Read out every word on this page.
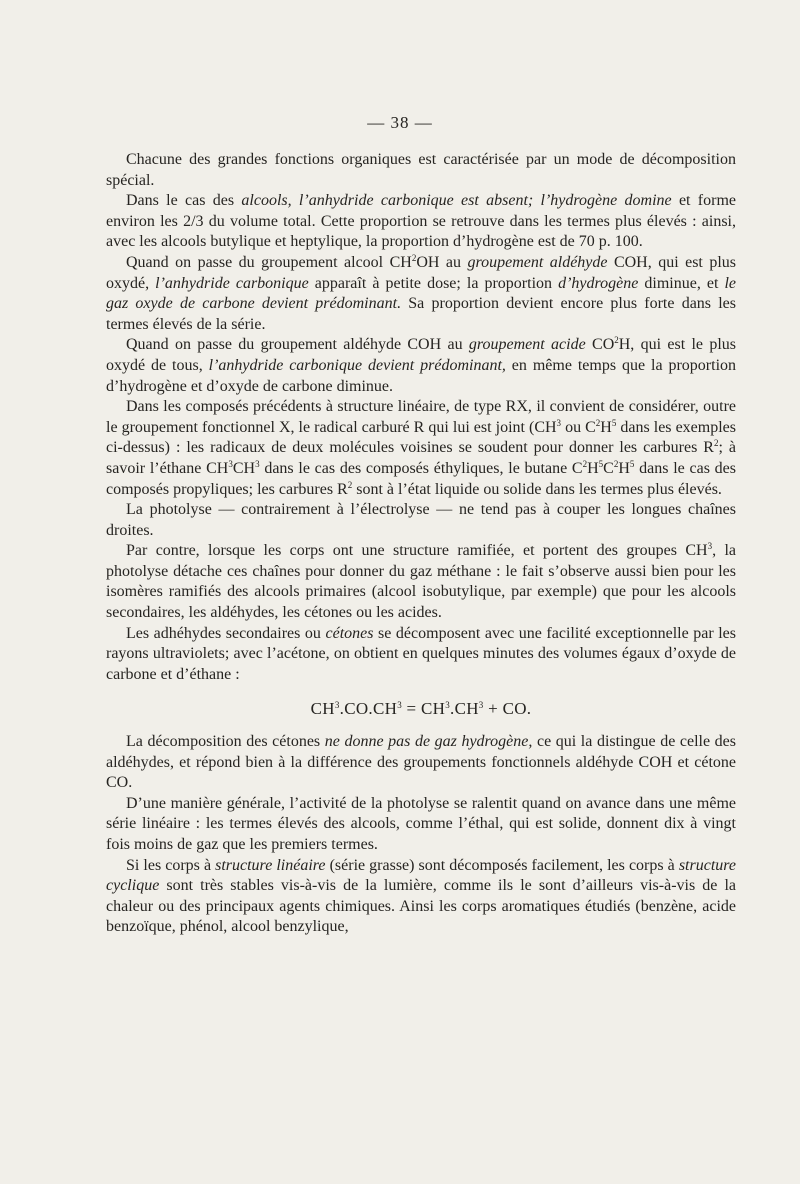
— 38 —

Chacune des grandes fonctions organiques est caractérisée par un mode de décomposition spécial.

Dans le cas des alcools, l’anhydride carbonique est absent; l’hydrogène domine et forme environ les 2/3 du volume total. Cette proportion se retrouve dans les termes plus élevés : ainsi, avec les alcools butylique et heptylique, la proportion d’hydrogène est de 70 p. 100.

Quand on passe du groupement alcool $CH^2OH$ au groupement aldéhyde COH, qui est plus oxydé, l’anhydride carbonique apparaît à petite dose; la proportion d’hydrogène diminue, et le gaz oxyde de carbone devient prédominant. Sa proportion devient encore plus forte dans les termes élevés de la série.

Quand on passe du groupement aldéhyde COH au groupement acide $CO^2H$, qui est le plus oxydé de tous, l’anhydride carbonique devient prédominant, en même temps que la proportion d’hydrogène et d’oxyde de carbone diminue.

Dans les composés précédents à structure linéaire, de type RX, il convient de considérer, outre le groupement fonctionnel X, le radical carburé R qui lui est joint ($CH^3$ ou $C^2H^5$ dans les exemples ci-dessus) : les radicaux de deux molécules voisines se soudent pour donner les carbures $R^2$; à savoir l’éthane $CH^3CH^3$ dans le cas des composés éthyliques, le butane $C^2H^5C^2H^5$ dans le cas des composés propyliques; les carbures $R^2$ sont à l’état liquide ou solide dans les termes plus élevés.

La photolyse — contrairement à l’électrolyse — ne tend pas à couper les longues chaînes droites.

Par contre, lorsque les corps ont une structure ramifiée, et portent des groupes $CH^3$, la photolyse détache ces chaînes pour donner du gaz méthane : le fait s’observe aussi bien pour les isomères ramifiés des alcools primaires (alcool isobutylique, par exemple) que pour les alcools secondaires, les aldéhydes, les cétones ou les acides.

Les adhéhydes secondaires ou cétones se décomposent avec une facilité exceptionnelle par les rayons ultraviolets; avec l’acétone, on obtient en quelques minutes des volumes égaux d’oxyde de carbone et d’éthane :

$CH^3.CO.CH^3 = CH^3.CH^3$ + CO.

La décomposition des cétones ne donne pas de gaz hydrogène, ce qui la distingue de celle des aldéhydes, et répond bien à la différence des groupements fonctionnels aldéhyde COH et cétone CO.

D’une manière générale, l’activité de la photolyse se ralentit quand on avance dans une même série linéaire : les termes élevés des alcools, comme l’éthal, qui est solide, donnent dix à vingt fois moins de gaz que les premiers termes.

Si les corps à structure linéaire (série grasse) sont décomposés facilement, les corps à structure cyclique sont très stables vis-à-vis de la lumière, comme ils le sont d’ailleurs vis-à-vis de la chaleur ou des principaux agents chimiques. Ainsi les corps aromatiques étudiés (benzène, acide benzoïque, phénol, alcool benzylique,
